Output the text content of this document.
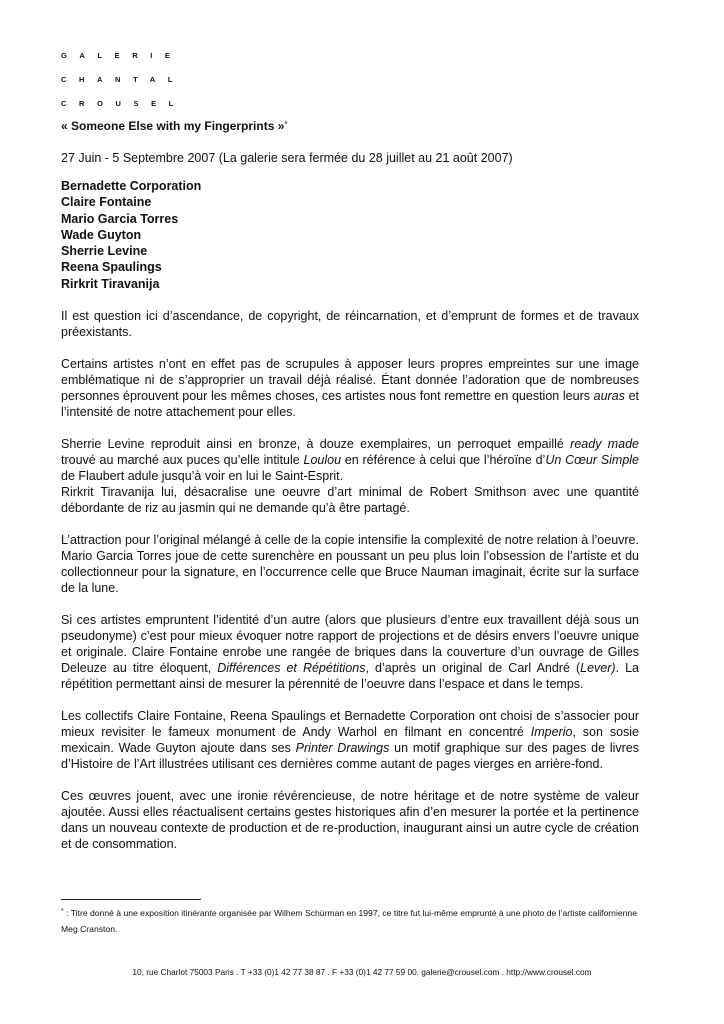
GALERIE
CHANTAL
CROUSEL

« Someone Else with my Fingerprints »*

27 Juin - 5 Septembre 2007 (La galerie sera fermée du 28 juillet au 21 août 2007)

Bernadette Corporation
Claire Fontaine
Mario Garcia Torres
Wade Guyton
Sherrie Levine
Reena Spaulings
Rirkrit Tiravanija

Il est question ici d’ascendance, de copyright, de réincarnation, et d’emprunt de formes et de travaux préexistants.

Certains artistes n’ont en effet pas de scrupules à apposer leurs propres empreintes sur une image emblématique ni de s’approprier un travail déjà réalisé. Étant donnée l’adoration que de nombreuses personnes éprouvent pour les mêmes choses, ces artistes nous font remettre en question leurs auras et l’intensité de notre attachement pour elles.

Sherrie Levine reproduit ainsi en bronze, à douze exemplaires, un perroquet empaillé ready made trouvé au marché aux puces qu’elle intitule Loulou en référence à celui que l’héroïne d’Un Cœur Simple de Flaubert adule jusqu’à voir en lui le Saint-Esprit.
Rirkrit Tiravanija lui, désacralise une oeuvre d’art minimal de Robert Smithson avec une quantité débordante de riz au jasmin qui ne demande qu’à être partagé.

L’attraction pour l’original mélangé à celle de la copie intensifie la complexité de notre relation à l’oeuvre. Mario Garcia Torres joue de cette surenchère en poussant un peu plus loin l’obsession de l’artiste et du collectionneur pour la signature, en l’occurrence celle que Bruce Nauman imaginait, écrite sur la surface de la lune.

Si ces artistes empruntent l’identité d’un autre (alors que plusieurs d’entre eux travaillent déjà sous un pseudonyme) c’est pour mieux évoquer notre rapport de projections et de désirs envers l’oeuvre unique et originale. Claire Fontaine enrobe une rangée de briques dans la couverture d’un ouvrage de Gilles Deleuze au titre éloquent, Différences et Répétitions, d’après un original de Carl André (Lever). La répétition permettant ainsi de mesurer la pérennité de l’oeuvre dans l’espace et dans le temps.

Les collectifs Claire Fontaine, Reena Spaulings et Bernadette Corporation ont choisi de s’associer pour mieux revisiter le fameux monument de Andy Warhol en filmant en concentré Imperio, son sosie mexicain. Wade Guyton ajoute dans ses Printer Drawings un motif graphique sur des pages de livres d’Histoire de l’Art illustrées utilisant ces dernières comme autant de pages vierges en arrière-fond.

Ces œuvres jouent, avec une ironie révérencieuse, de notre héritage et de notre système de valeur ajoutée. Aussi elles réactualisent certains gestes historiques afin d’en mesurer la portée et la pertinence dans un nouveau contexte de production et de re-production, inaugurant ainsi un autre cycle de création et de consommation.

* : Titre donné à une exposition itinérante organisée par Wilhem Schürman en 1997, ce titre fut lui-même emprunté à une photo de l’artiste californienne Meg Cranston.
10, rue Charlot 75003 Paris . T +33 (0)1 42 77 38 87 . F +33 (0)1 42 77 59 00. galerie@crousel.com . http://www.crousel.com
